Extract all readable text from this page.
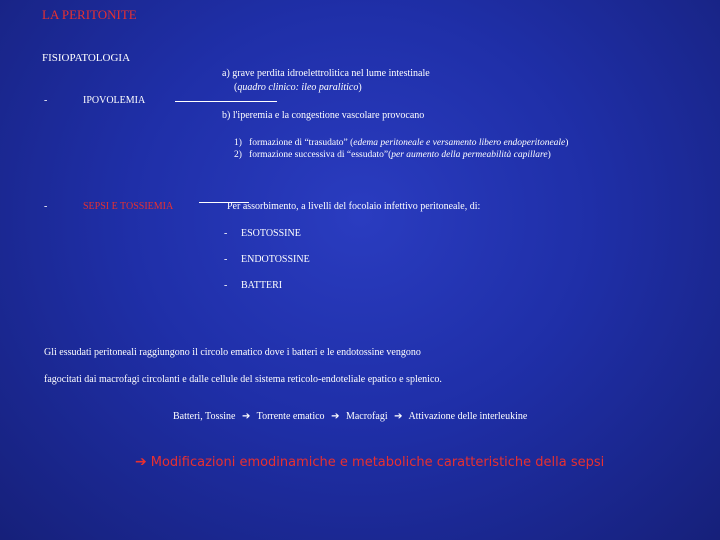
LA PERITONITE
FISIOPATOLOGIA
a) grave perdita idroelettrolitica nel lume intestinale
(quadro clinico: ileo paralitico)
-	IPOVOLEMIA
b) l'iperemia e la congestione vascolare provocano
1) formazione di “trasudato” (edema peritoneale e versamento libero endoperitoneale)
2) formazione successiva di “essudato”(per aumento della permeabilità capillare)
-	SEPSI E TOSSIEMIA	Per assorbimento, a livelli del focolaio infettivo peritoneale, di:
- ESOTOSSINE
- ENDOTOSSINE
- BATTERI
Gli essudati peritoneali raggiungono il circolo ematico dove i batteri e le endotossine vengono
fagocitati dai macrofagi circolanti e dalle cellule del sistema reticolo-endoteliale epatico e splenico.
Batteri, Tossine ➔ Torrente ematico ➔ Macrofagi ➔ Attivazione delle interleukine
➔ Modificazioni emodinamiche e metaboliche caratteristiche della sepsi
